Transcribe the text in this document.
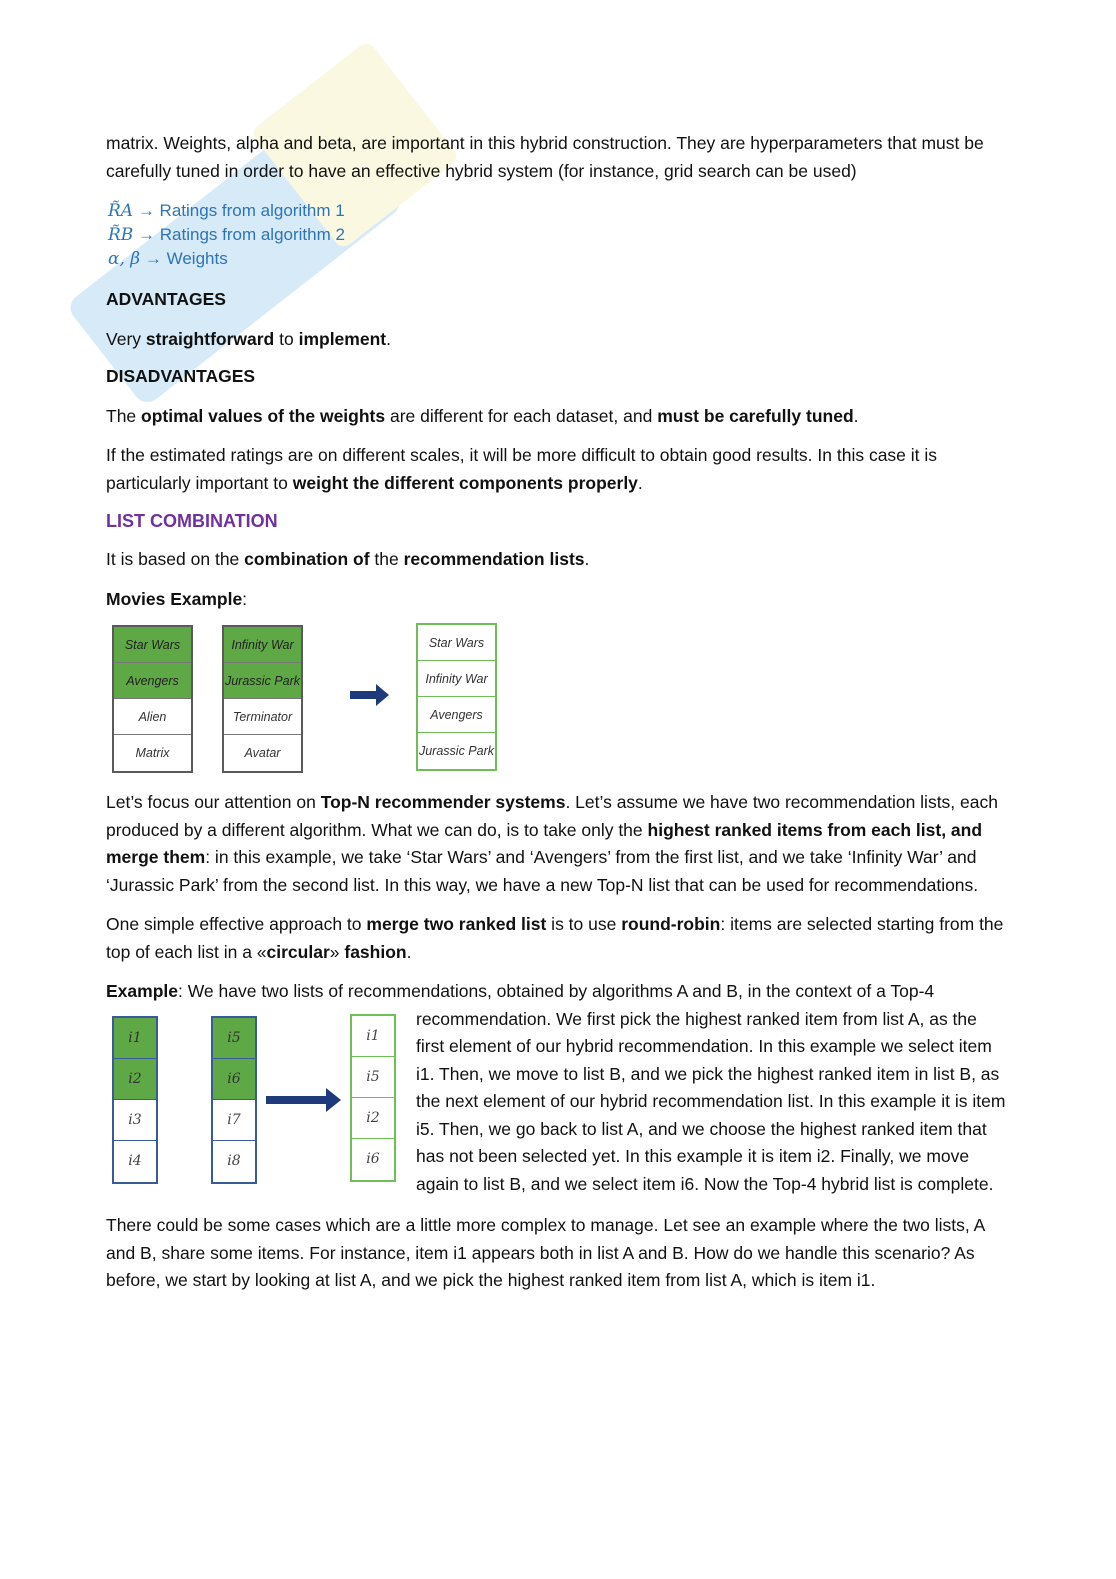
matrix. Weights, alpha and beta, are important in this hybrid construction. They are hyperparameters that must be carefully tuned in order to have an effective hybrid system (for instance, grid search can be used)

R̃A → Ratings from algorithm 1
R̃B → Ratings from algorithm 2
α, β → Weights
ADVANTAGES

Very straightforward to implement.

DISADVANTAGES

The optimal values of the weights are different for each dataset, and must be carefully tuned.

If the estimated ratings are on different scales, it will be more difficult to obtain good results. In this case it is particularly important to weight the different components properly.

LIST COMBINATION

It is based on the combination of the recommendation lists.

Movies Example:

Star Wars
Avengers
Alien
Matrix
Infinity War
Jurassic Park
Terminator
Avatar
Star Wars
Infinity War
Avengers
Jurassic Park

Let’s focus our attention on Top-N recommender systems. Let’s assume we have two recommendation lists, each produced by a different algorithm. What we can do, is to take only the highest ranked items from each list, and merge them: in this example, we take ‘Star Wars’ and ‘Avengers’ from the first list, and we take ‘Infinity War’ and ‘Jurassic Park’ from the second list. In this way, we have a new Top-N list that can be used for recommendations.

One simple effective approach to merge two ranked list is to use round-robin: items are selected starting from the top of each list in a «circular» fashion.

Example: We have two lists of recommendations, obtained by algorithms A and B, in the context of a Top-4

i1
i2
i3
i4
i5
i6
i7
i8
i1
i5
i2
i6

recommendation. We first pick the highest ranked item from list A, as the first element of our hybrid recommendation. In this example we select item i1. Then, we move to list B, and we pick the highest ranked item in list B, as the next element of our hybrid recommendation list. In this example it is item i5. Then, we go back to list A, and we choose the highest ranked item that has not been selected yet. In this example it is item i2. Finally, we move again to list B, and we select item i6. Now the Top-4 hybrid list is complete.

There could be some cases which are a little more complex to manage. Let see an example where the two lists, A and B, share some items. For instance, item i1 appears both in list A and B. How do we handle this scenario? As before, we start by looking at list A, and we pick the highest ranked item from list A, which is item i1.
